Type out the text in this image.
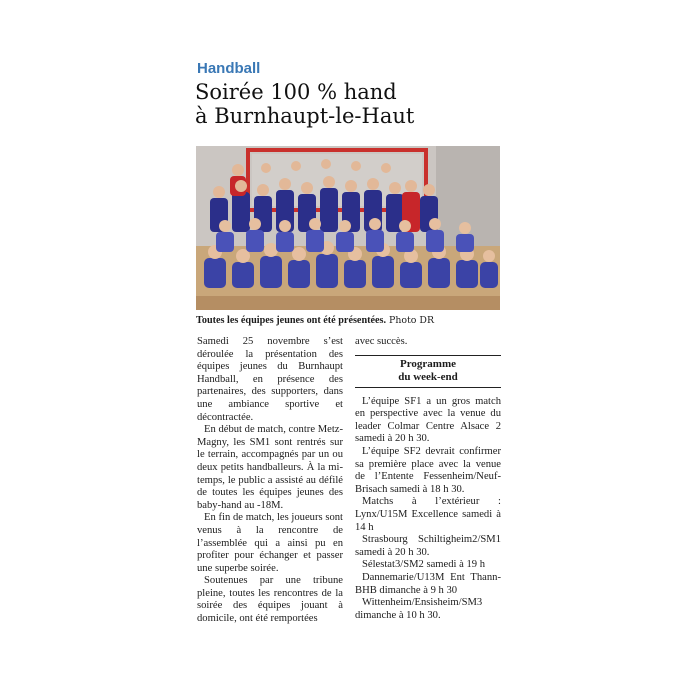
Handball
Soirée 100 % hand
à Burnhaupt-le-Haut
Toutes les équipes jeunes ont été présentées. Photo DR

Samedi 25 novembre s’est déroulée la présentation des équipes jeunes du Burnhaupt Handball, en présence des partenaires, des supporters, dans une ambiance sportive et décontractée.

En début de match, contre Metz-Magny, les SM1 sont rentrés sur le terrain, accompagnés par un ou deux petits handballeurs. À la mi-temps, le public a assisté au défilé de toutes les équipes jeunes des baby-hand au -18M.

En fin de match, les joueurs sont venus à la rencontre de l’assemblée qui a ainsi pu en profiter pour échanger et passer une superbe soirée.

Soutenues par une tribune pleine, toutes les rencontres de la soirée des équipes jouant à domicile, ont été remportées

avec succès.

Programme
du week-end

L’équipe SF1 a un gros match en perspective avec la venue du leader Colmar Centre Alsace 2 samedi à 20 h 30.

L’équipe SF2 devrait confirmer sa première place avec la venue de l’Entente Fessenheim/Neuf-Brisach samedi à 18 h 30.

Matchs à l’extérieur : Lynx/U15M Excellence samedi à 14 h

Strasbourg Schiltigheim2/SM1 samedi à 20 h 30.

Sélestat3/SM2 samedi à 19 h

Dannemarie/U13M Ent Thann-BHB dimanche à 9 h 30

Wittenheim/Ensisheim/SM3 dimanche à 10 h 30.
